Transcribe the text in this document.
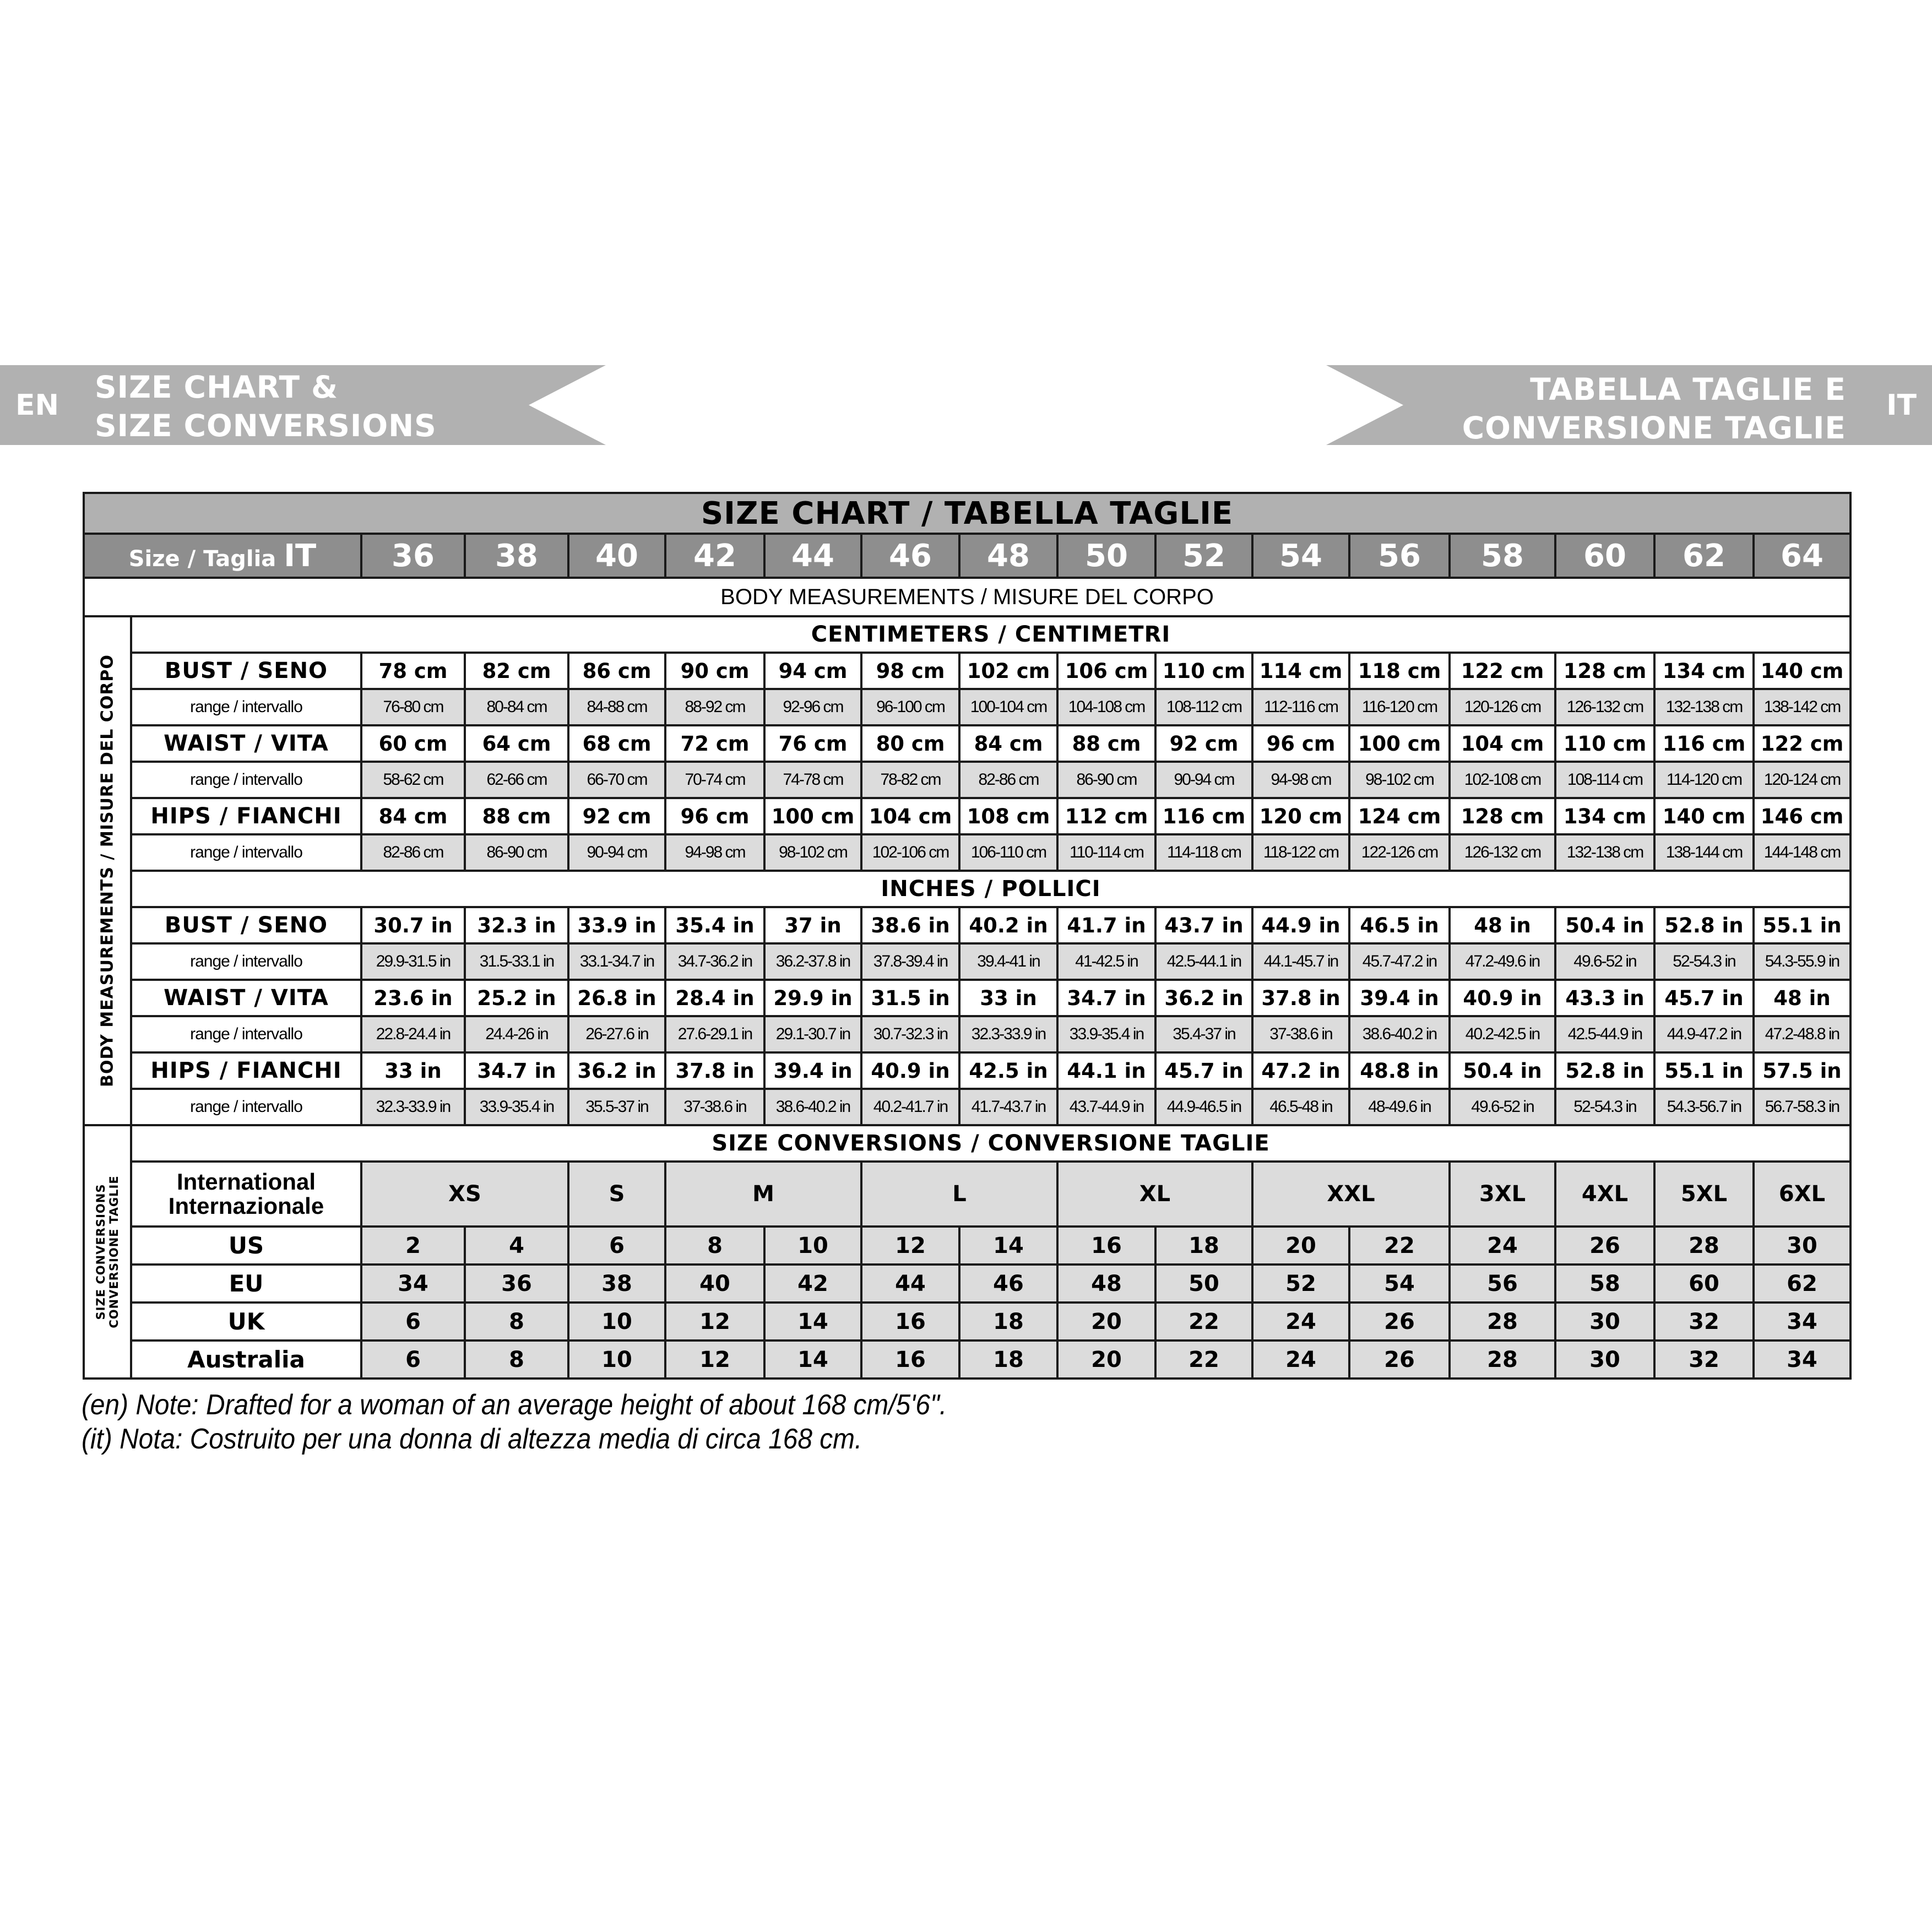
EN
SIZE CHART &
SIZE CONVERSIONS
TABELLA TAGLIE E
CONVERSIONE TAGLIE
IT
SIZE CHART / TABELLA TAGLIE																
Size / Taglia IT		36	38	40	42	44	46	48	50	52	54	56	58	60	62	64
BODY MEASUREMENTS / MISURE DEL CORPO																

BODY MEASUREMENTS / MISURE DEL CORPO	CENTIMETERS / CENTIMETRI															
	BUST / SENO	78 cm	82 cm	86 cm	90 cm	94 cm	98 cm	102 cm	106 cm	110 cm	114 cm	118 cm	122 cm	128 cm	134 cm	140 cm
	range / intervallo	76-80 cm	80-84 cm	84-88 cm	88-92 cm	92-96 cm	96-100 cm	100-104 cm	104-108 cm	108-112 cm	112-116 cm	116-120 cm	120-126 cm	126-132 cm	132-138 cm	138-142 cm
	WAIST / VITA	60 cm	64 cm	68 cm	72 cm	76 cm	80 cm	84 cm	88 cm	92 cm	96 cm	100 cm	104 cm	110 cm	116 cm	122 cm
	range / intervallo	58-62 cm	62-66 cm	66-70 cm	70-74 cm	74-78 cm	78-82 cm	82-86 cm	86-90 cm	90-94 cm	94-98 cm	98-102 cm	102-108 cm	108-114 cm	114-120 cm	120-124 cm
	HIPS / FIANCHI	84 cm	88 cm	92 cm	96 cm	100 cm	104 cm	108 cm	112 cm	116 cm	120 cm	124 cm	128 cm	134 cm	140 cm	146 cm
	range / intervallo	82-86 cm	86-90 cm	90-94 cm	94-98 cm	98-102 cm	102-106 cm	106-110 cm	110-114 cm	114-118 cm	118-122 cm	122-126 cm	126-132 cm	132-138 cm	138-144 cm	144-148 cm
	INCHES / POLLICI															
	BUST / SENO	30.7 in	32.3 in	33.9 in	35.4 in	37 in	38.6 in	40.2 in	41.7 in	43.7 in	44.9 in	46.5 in	48 in	50.4 in	52.8 in	55.1 in
	range / intervallo	29.9-31.5 in	31.5-33.1 in	33.1-34.7 in	34.7-36.2 in	36.2-37.8 in	37.8-39.4 in	39.4-41 in	41-42.5 in	42.5-44.1 in	44.1-45.7 in	45.7-47.2 in	47.2-49.6 in	49.6-52 in	52-54.3 in	54.3-55.9 in
	WAIST / VITA	23.6 in	25.2 in	26.8 in	28.4 in	29.9 in	31.5 in	33 in	34.7 in	36.2 in	37.8 in	39.4 in	40.9 in	43.3 in	45.7 in	48 in
	range / intervallo	22.8-24.4 in	24.4-26 in	26-27.6 in	27.6-29.1 in	29.1-30.7 in	30.7-32.3 in	32.3-33.9 in	33.9-35.4 in	35.4-37 in	37-38.6 in	38.6-40.2 in	40.2-42.5 in	42.5-44.9 in	44.9-47.2 in	47.2-48.8 in
	HIPS / FIANCHI	33 in	34.7 in	36.2 in	37.8 in	39.4 in	40.9 in	42.5 in	44.1 in	45.7 in	47.2 in	48.8 in	50.4 in	52.8 in	55.1 in	57.5 in
	range / intervallo	32.3-33.9 in	33.9-35.4 in	35.5-37 in	37-38.6 in	38.6-40.2 in	40.2-41.7 in	41.7-43.7 in	43.7-44.9 in	44.9-46.5 in	46.5-48 in	48-49.6 in	49.6-52 in	52-54.3 in	54.3-56.7 in	56.7-58.3 in

SIZE CONVERSIONS CONVERSIONE TAGLIE	SIZE CONVERSIONS / CONVERSIONE TAGLIE															

	International
Internazionale	XS		S	M		L		XL		XXL		3XL	4XL	5XL	6XL
	US	2	4	6	8	10	12	14	16	18	20	22	24	26	28	30
	EU	34	36	38	40	42	44	46	48	50	52	54	56	58	60	62
	UK	6	8	10	12	14	16	18	20	22	24	26	28	30	32	34
	Australia	6	8	10	12	14	16	18	20	22	24	26	28	30	32	34
(en) Note: Drafted for a woman of an average height of about 168 cm/5'6".
(it) Nota: Costruito per una donna di altezza media di circa 168 cm.
